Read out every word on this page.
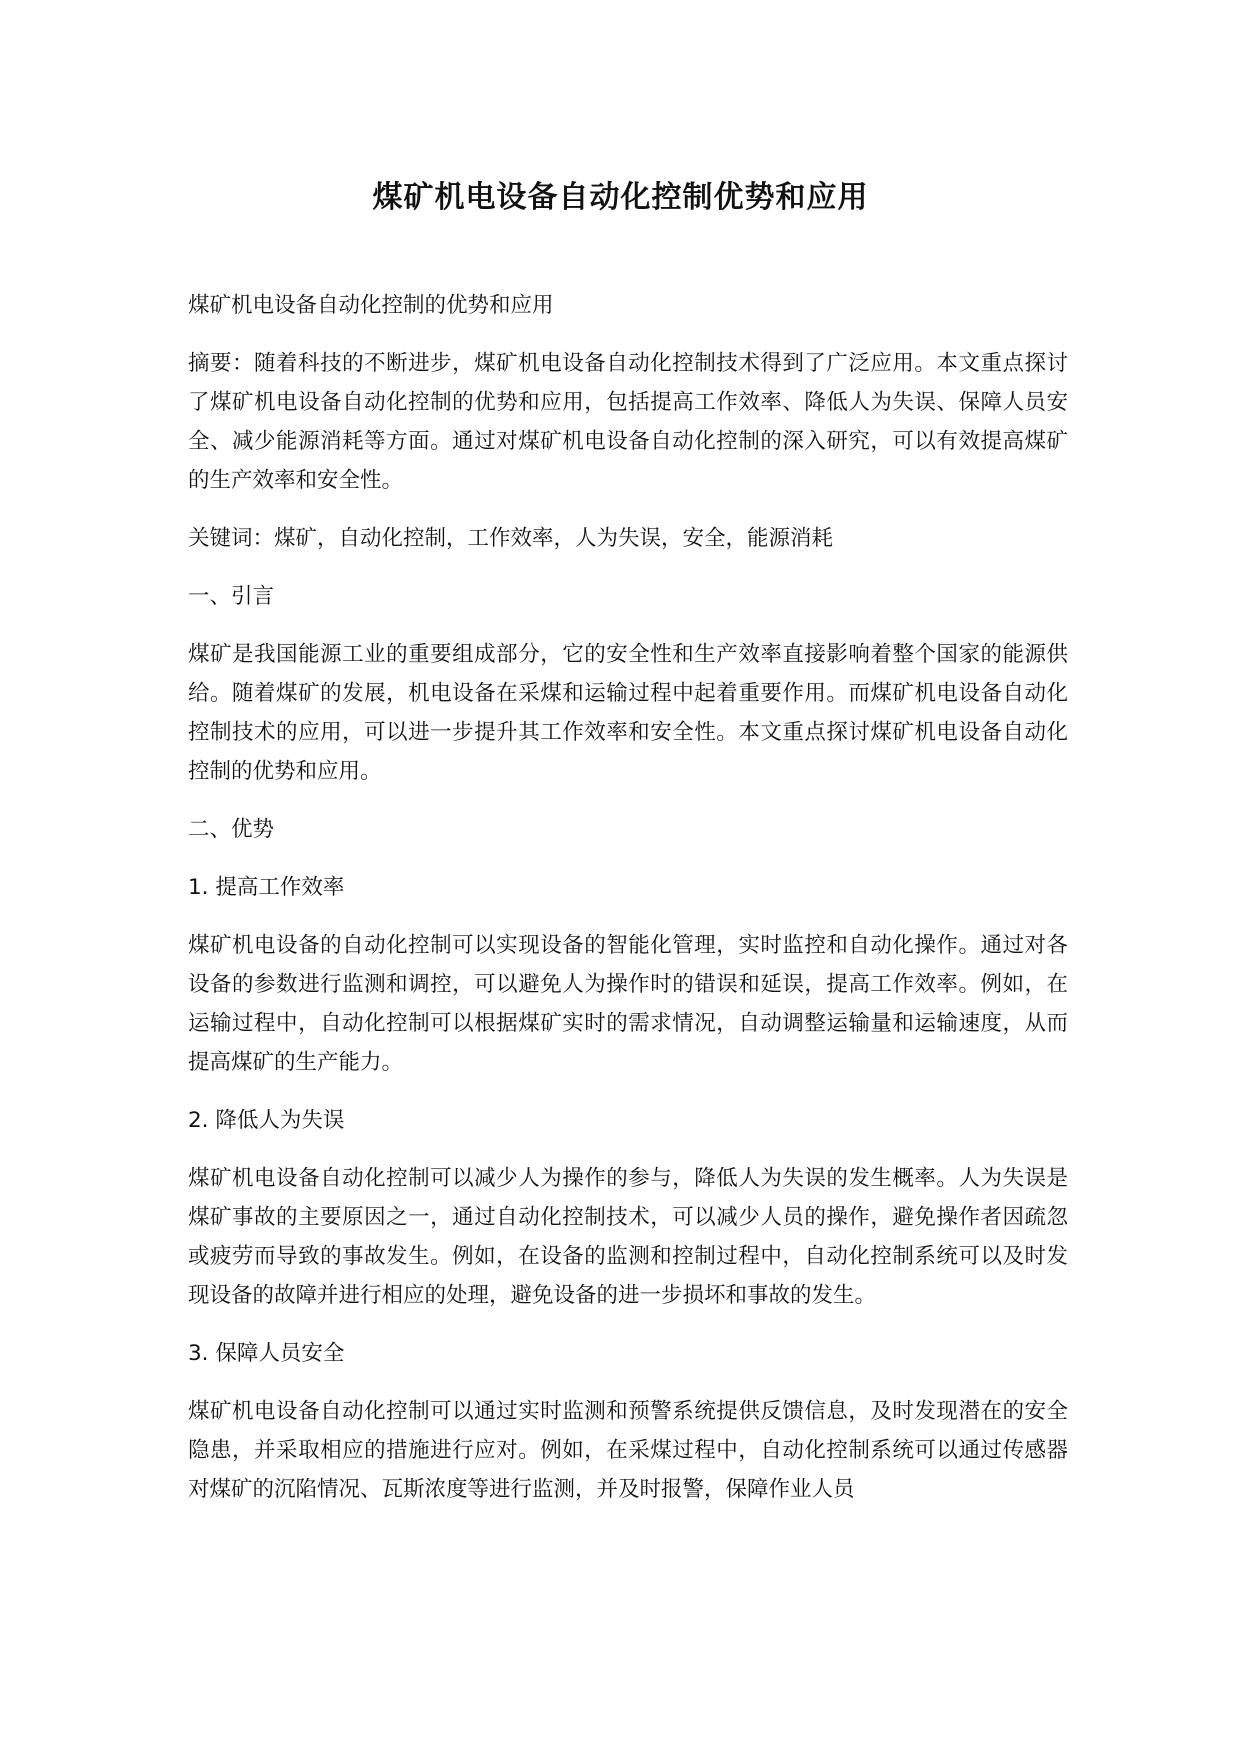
煤矿机电设备自动化控制优势和应用

煤矿机电设备自动化控制的优势和应用

摘要：随着科技的不断进步，煤矿机电设备自动化控制技术得到了广泛应用。本文重点探讨了煤矿机电设备自动化控制的优势和应用，包括提高工作效率、降低人为失误、保障人员安全、减少能源消耗等方面。通过对煤矿机电设备自动化控制的深入研究，可以有效提高煤矿的生产效率和安全性。

关键词：煤矿，自动化控制，工作效率，人为失误，安全，能源消耗

一、引言

煤矿是我国能源工业的重要组成部分，它的安全性和生产效率直接影响着整个国家的能源供给。随着煤矿的发展，机电设备在采煤和运输过程中起着重要作用。而煤矿机电设备自动化控制技术的应用，可以进一步提升其工作效率和安全性。本文重点探讨煤矿机电设备自动化控制的优势和应用。

二、优势

1. 提高工作效率

煤矿机电设备的自动化控制可以实现设备的智能化管理，实时监控和自动化操作。通过对各设备的参数进行监测和调控，可以避免人为操作时的错误和延误，提高工作效率。例如，在运输过程中，自动化控制可以根据煤矿实时的需求情况，自动调整运输量和运输速度，从而提高煤矿的生产能力。

2. 降低人为失误

煤矿机电设备自动化控制可以减少人为操作的参与，降低人为失误的发生概率。人为失误是煤矿事故的主要原因之一，通过自动化控制技术，可以减少人员的操作，避免操作者因疏忽或疲劳而导致的事故发生。例如，在设备的监测和控制过程中，自动化控制系统可以及时发现设备的故障并进行相应的处理，避免设备的进一步损坏和事故的发生。

3. 保障人员安全

煤矿机电设备自动化控制可以通过实时监测和预警系统提供反馈信息，及时发现潜在的安全隐患，并采取相应的措施进行应对。例如，在采煤过程中，自动化控制系统可以通过传感器对煤矿的沉陷情况、瓦斯浓度等进行监测，并及时报警，保障作业人员
